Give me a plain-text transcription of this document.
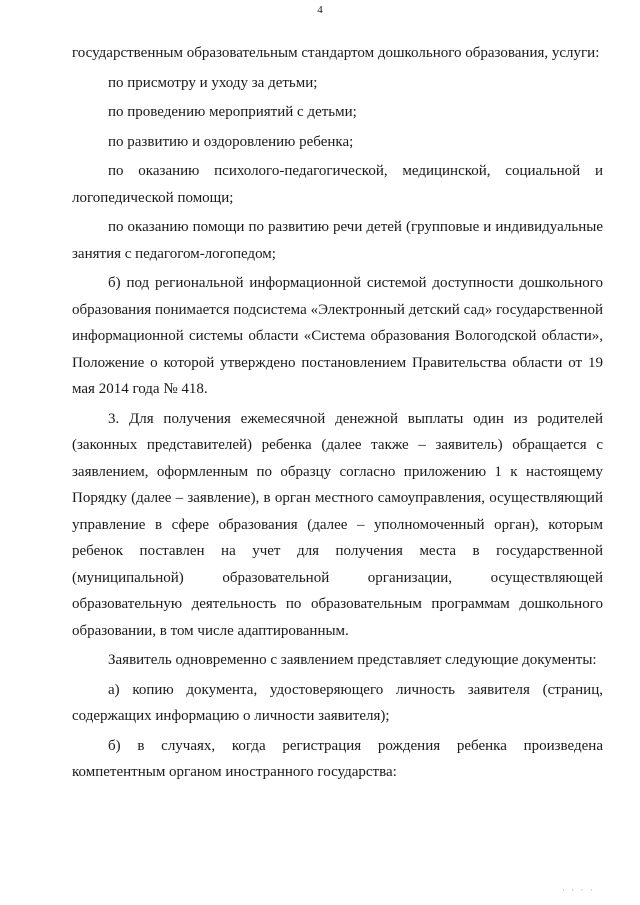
4

государственным образовательным стандартом дошкольного образования, услуги:

по присмотру и уходу за детьми;

по проведению мероприятий с детьми;

по развитию и оздоровлению ребенка;

по оказанию психолого-педагогической, медицинской, социальной и логопедической помощи;

по оказанию помощи по развитию речи детей (групповые и индивидуальные занятия с педагогом-логопедом;

б) под региональной информационной системой доступности дошкольного образования понимается подсистема «Электронный детский сад» государственной информационной системы области «Система образования Вологодской области», Положение о которой утверждено постановлением Правительства области от 19 мая 2014 года № 418.

3. Для получения ежемесячной денежной выплаты один из родителей (законных представителей) ребенка (далее также – заявитель) обращается с заявлением, оформленным по образцу согласно приложению 1 к настоящему Порядку (далее – заявление), в орган местного самоуправления, осуществляющий управление в сфере образования (далее – уполномоченный орган), которым ребенок поставлен на учет для получения места в государственной (муниципальной) образовательной организации, осуществляющей образовательную деятельность по образовательным программам дошкольного образовании, в том числе адаптированным.

Заявитель одновременно с заявлением представляет следующие документы:

а) копию документа, удостоверяющего личность заявителя (страниц, содержащих информацию о личности заявителя);

б) в случаях, когда регистрация рождения ребенка произведена компетентным органом иностранного государства:

· · · ·
